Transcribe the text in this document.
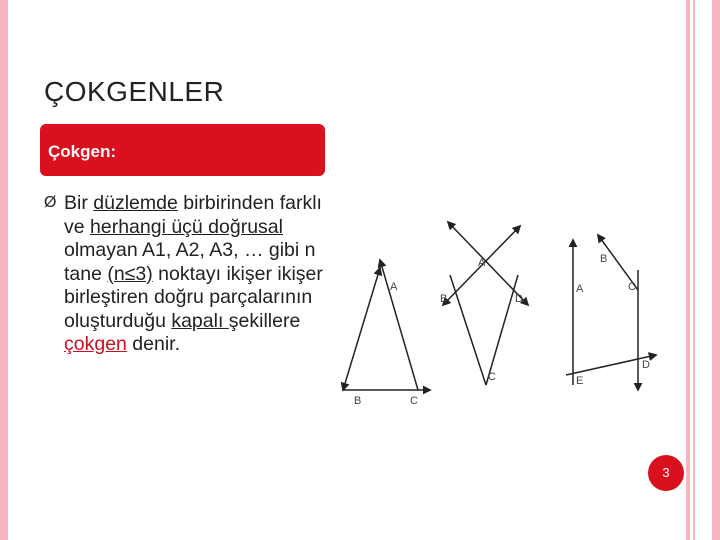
ÇOKGENLER
Çokgen:
Ø Bir düzlemde birbirinden farklı ve herhangi üçü doğrusal olmayan A1, A2, A3, … gibi n tane (n≤3) noktayı ikişer ikişer birleştiren doğru parçalarının oluşturduğu kapalı şekillere çokgen denir.
A
B	C
A
B	D
C
B
A	C
D
E
3
